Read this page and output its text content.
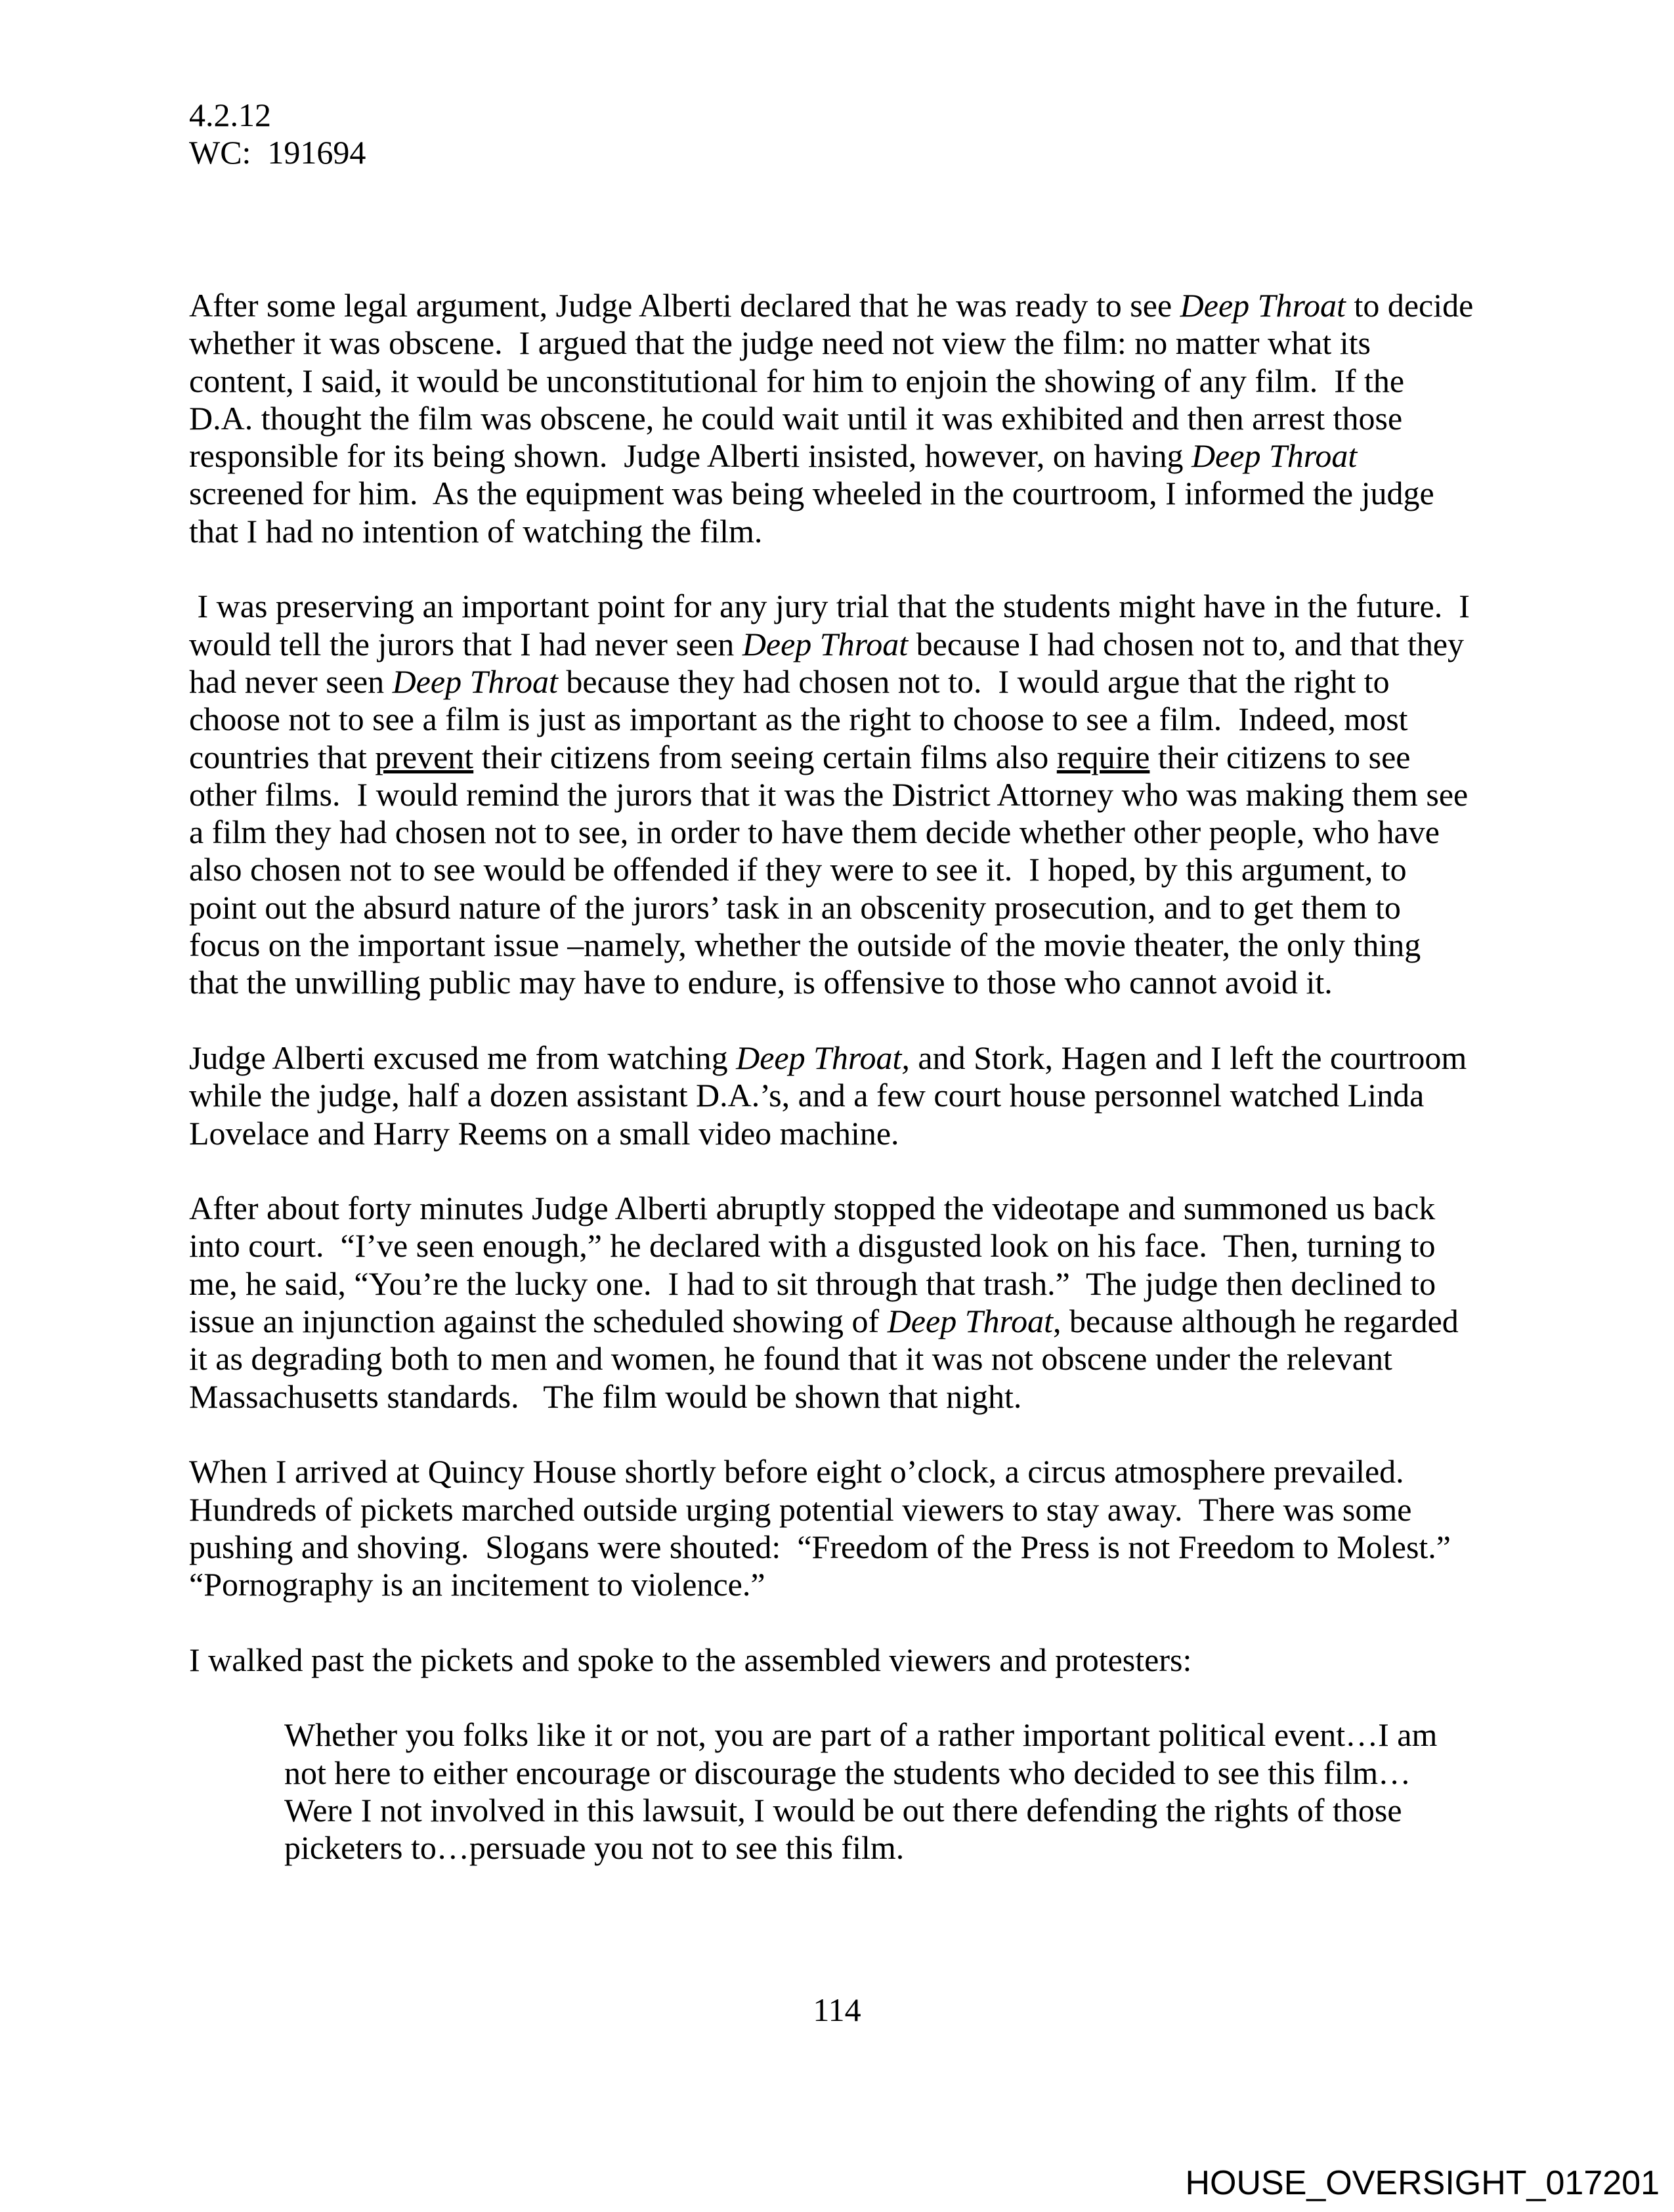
4.2.12
WC:  191694

After some legal argument, Judge Alberti declared that he was ready to see Deep Throat to decide whether it was obscene.  I argued that the judge need not view the film: no matter what its content, I said, it would be unconstitutional for him to enjoin the showing of any film.  If the D.A. thought the film was obscene, he could wait until it was exhibited and then arrest those responsible for its being shown.  Judge Alberti insisted, however, on having Deep Throat screened for him.  As the equipment was being wheeled in the courtroom, I informed the judge that I had no intention of watching the film.

I was preserving an important point for any jury trial that the students might have in the future.  I would tell the jurors that I had never seen Deep Throat because I had chosen not to, and that they had never seen Deep Throat because they had chosen not to.  I would argue that the right to choose not to see a film is just as important as the right to choose to see a film.  Indeed, most countries that prevent their citizens from seeing certain films also require their citizens to see other films.  I would remind the jurors that it was the District Attorney who was making them see a film they had chosen not to see, in order to have them decide whether other people, who have also chosen not to see would be offended if they were to see it.  I hoped, by this argument, to point out the absurd nature of the jurors’ task in an obscenity prosecution, and to get them to focus on the important issue –namely, whether the outside of the movie theater, the only thing that the unwilling public may have to endure, is offensive to those who cannot avoid it.

Judge Alberti excused me from watching Deep Throat, and Stork, Hagen and I left the courtroom while the judge, half a dozen assistant D.A.’s, and a few court house personnel watched Linda Lovelace and Harry Reems on a small video machine.

After about forty minutes Judge Alberti abruptly stopped the videotape and summoned us back into court.  “I’ve seen enough,” he declared with a disgusted look on his face.  Then, turning to me, he said, “You’re the lucky one.  I had to sit through that trash.”  The judge then declined to issue an injunction against the scheduled showing of Deep Throat, because although he regarded it as degrading both to men and women, he found that it was not obscene under the relevant Massachusetts standards.   The film would be shown that night.

When I arrived at Quincy House shortly before eight o’clock, a circus atmosphere prevailed.  Hundreds of pickets marched outside urging potential viewers to stay away.  There was some pushing and shoving.  Slogans were shouted:  “Freedom of the Press is not Freedom to Molest.”  “Pornography is an incitement to violence.”

I walked past the pickets and spoke to the assembled viewers and protesters:

Whether you folks like it or not, you are part of a rather important political event…I am not here to either encourage or discourage the students who decided to see this film…Were I not involved in this lawsuit, I would be out there defending the rights of those picketers to…persuade you not to see this film.

114
HOUSE_OVERSIGHT_017201
